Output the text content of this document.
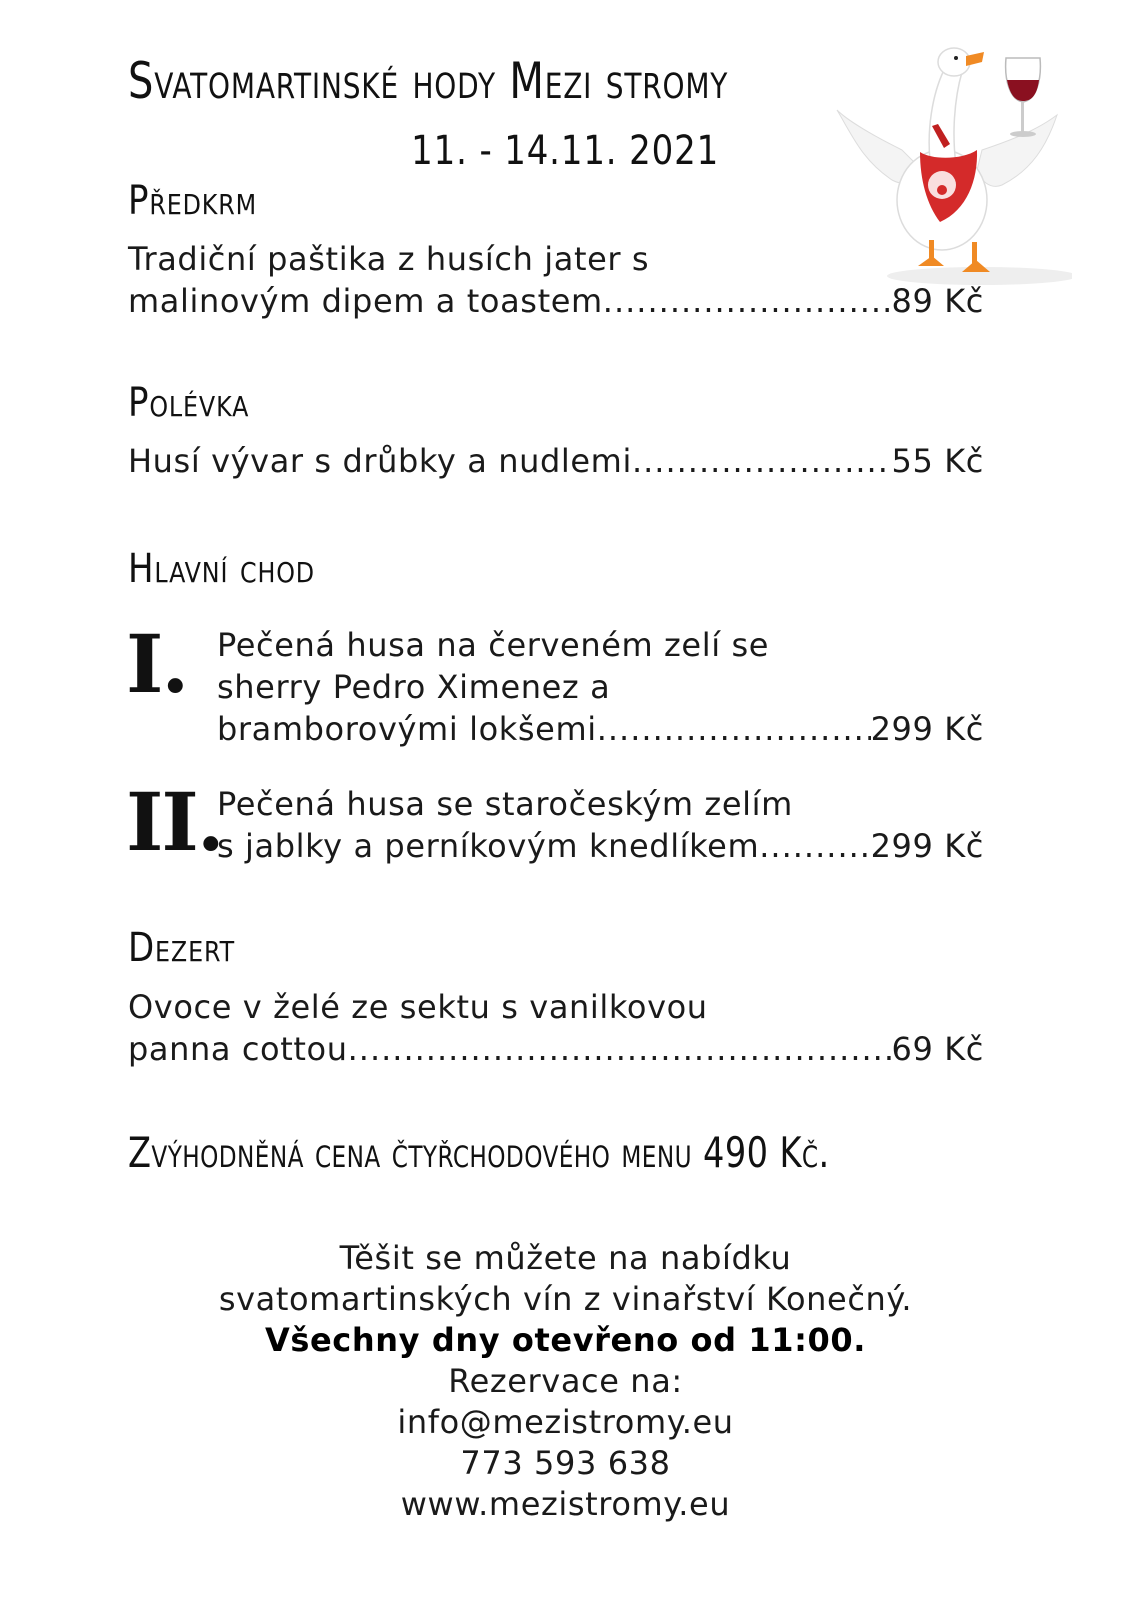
Svatomartinské hody Mezi stromy
11. - 14.11. 2021
Předkrm
Tradiční paštika z husích jater s
malinovým dipem a toastem .....	89 Kč
Polévka
Husí vývar s drůbky a nudlemi .....	55 Kč
Hlavní chod
I. Pečená husa na červeném zelí se
sherry Pedro Ximenez a
bramborovými lokšemi .....	299 Kč
II.
Pečená husa se staročeským zelím
s jablky a perníkovým knedlíkem .....	299 Kč
Dezert
Ovoce v želé ze sektu s vanilkovou
panna cottou .....	69 Kč
Zvýhodněná cena čtyřchodového menu 490 Kč.
Těšit se můžete na nabídku
svatomartinských vín z vinařství Konečný.
Všechny dny otevřeno od 11:00.
Rezervace na:
info@mezistromy.eu
773 593 638
www.mezistromy.eu
